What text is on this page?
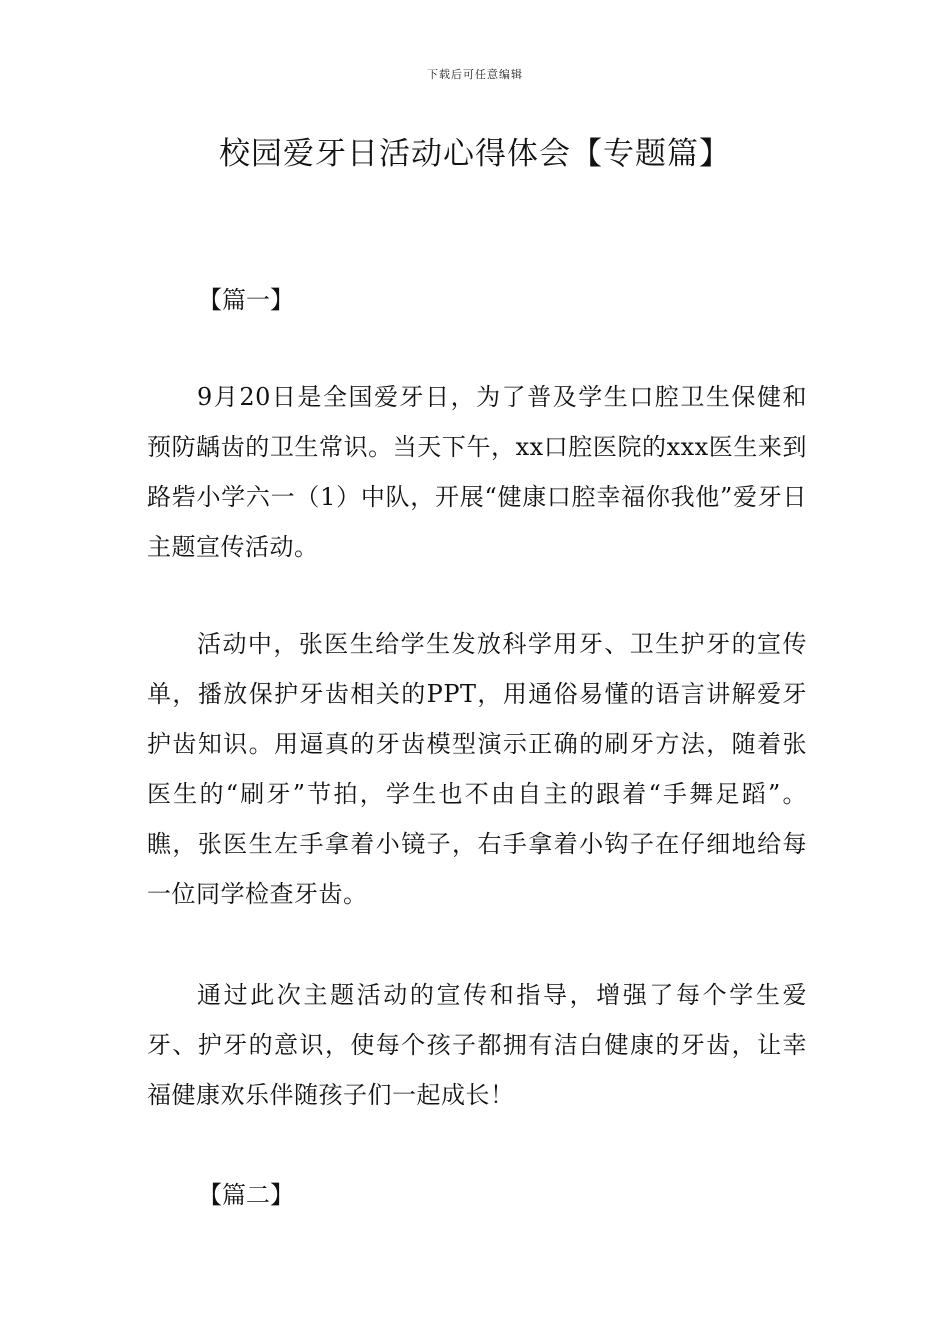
下载后可任意编辑
校园爱牙日活动心得体会【专题篇】
【篇一】

9月20日是全国爱牙日，为了普及学生口腔卫生保健和预防龋齿的卫生常识。当天下午，xx口腔医院的xxx医生来到路砦小学六一（1）中队，开展“健康口腔幸福你我他”爱牙日主题宣传活动。

活动中，张医生给学生发放科学用牙、卫生护牙的宣传单，播放保护牙齿相关的PPT，用通俗易懂的语言讲解爱牙护齿知识。用逼真的牙齿模型演示正确的刷牙方法，随着张医生的“刷牙”节拍，学生也不由自主的跟着“手舞足蹈”。瞧，张医生左手拿着小镜子，右手拿着小钩子在仔细地给每一位同学检查牙齿。

通过此次主题活动的宣传和指导，增强了每个学生爱牙、护牙的意识，使每个孩子都拥有洁白健康的牙齿，让幸福健康欢乐伴随孩子们一起成长！

【篇二】
